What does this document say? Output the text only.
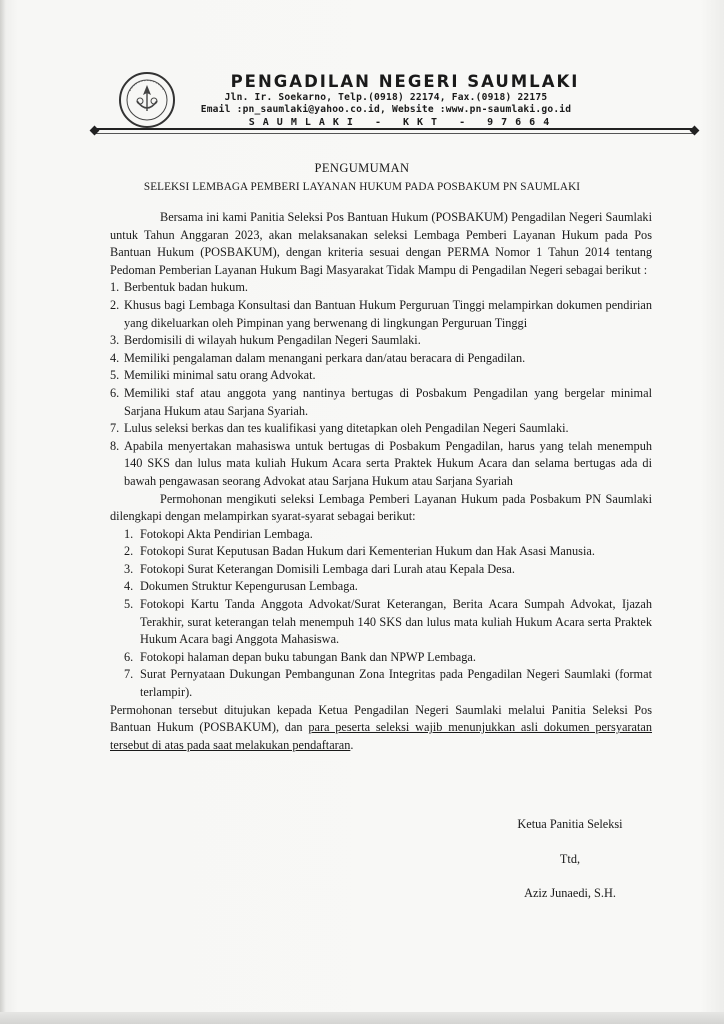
PENGADILAN NEGERI SAUMLAKI
Jln. Ir. Soekarno, Telp.(0918) 22174, Fax.(0918) 22175
Email :pn_saumlaki@yahoo.co.id, Website :www.pn-saumlaki.go.id
SAUMLAKI - KKT - 97664
PENGUMUMAN
SELEKSI LEMBAGA PEMBERI LAYANAN HUKUM PADA POSBAKUM PN SAUMLAKI

Bersama ini kami Panitia Seleksi Pos Bantuan Hukum (POSBAKUM) Pengadilan Negeri Saumlaki untuk Tahun Anggaran 2023, akan melaksanakan seleksi Lembaga Pemberi Layanan Hukum pada Pos Bantuan Hukum (POSBAKUM), dengan kriteria sesuai dengan PERMA Nomor 1 Tahun 2014 tentang Pedoman Pemberian Layanan Hukum Bagi Masyarakat Tidak Mampu di Pengadilan Negeri sebagai berikut :

1. Berbentuk badan hukum.
2. Khusus bagi Lembaga Konsultasi dan Bantuan Hukum Perguruan Tinggi melampirkan dokumen pendirian yang dikeluarkan oleh Pimpinan yang berwenang di lingkungan Perguruan Tinggi
3. Berdomisili di wilayah hukum Pengadilan Negeri Saumlaki.
4. Memiliki pengalaman dalam menangani perkara dan/atau beracara di Pengadilan.
5. Memiliki minimal satu orang Advokat.
6. Memiliki staf atau anggota yang nantinya bertugas di Posbakum Pengadilan yang bergelar minimal Sarjana Hukum atau Sarjana Syariah.
7. Lulus seleksi berkas dan tes kualifikasi yang ditetapkan oleh Pengadilan Negeri Saumlaki.
8. Apabila menyertakan mahasiswa untuk bertugas di Posbakum Pengadilan, harus yang telah menempuh 140 SKS dan lulus mata kuliah Hukum Acara serta Praktek Hukum Acara dan selama bertugas ada di bawah pengawasan seorang Advokat atau Sarjana Hukum atau Sarjana Syariah

Permohonan mengikuti seleksi Lembaga Pemberi Layanan Hukum pada Posbakum PN Saumlaki dilengkapi dengan melampirkan syarat-syarat sebagai berikut:

1. Fotokopi Akta Pendirian Lembaga.
2. Fotokopi Surat Keputusan Badan Hukum dari Kementerian Hukum dan Hak Asasi Manusia.
3. Fotokopi Surat Keterangan Domisili Lembaga dari Lurah atau Kepala Desa.
4. Dokumen Struktur Kepengurusan Lembaga.
5. Fotokopi Kartu Tanda Anggota Advokat/Surat Keterangan, Berita Acara Sumpah Advokat, Ijazah Terakhir, surat keterangan telah menempuh 140 SKS dan lulus mata kuliah Hukum Acara serta Praktek Hukum Acara bagi Anggota Mahasiswa.
6. Fotokopi halaman depan buku tabungan Bank dan NPWP Lembaga.
7. Surat Pernyataan Dukungan Pembangunan Zona Integritas pada Pengadilan Negeri Saumlaki (format terlampir).

Permohonan tersebut ditujukan kepada Ketua Pengadilan Negeri Saumlaki melalui Panitia Seleksi Pos Bantuan Hukum (POSBAKUM), dan para peserta seleksi wajib menunjukkan asli dokumen persyaratan tersebut di atas pada saat melakukan pendaftaran.

Ketua Panitia Seleksi
Ttd,
Aziz Junaedi, S.H.
